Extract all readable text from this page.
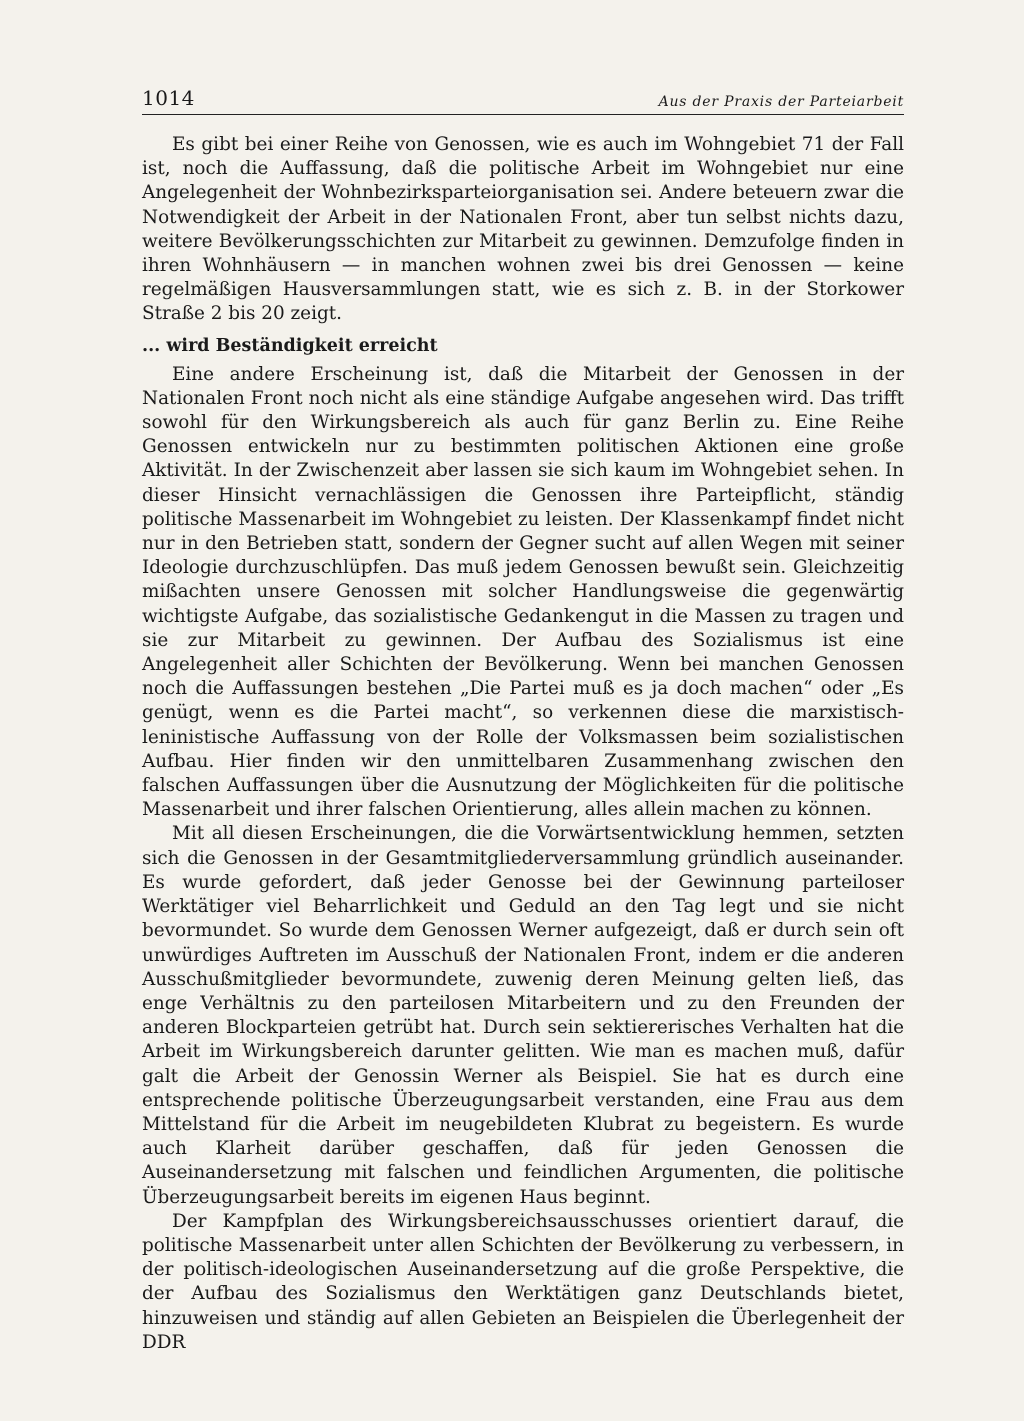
1014	Aus der Praxis der Parteiarbeit

Es gibt bei einer Reihe von Genossen, wie es auch im Wohngebiet 71 der Fall ist, noch die Auffassung, daß die politische Arbeit im Wohngebiet nur eine Angelegenheit der Wohnbezirksparteiorganisation sei. Andere beteuern zwar die Notwendigkeit der Arbeit in der Nationalen Front, aber tun selbst nichts dazu, weitere Bevölkerungsschichten zur Mitarbeit zu gewinnen. Demzufolge finden in ihren Wohnhäusern — in manchen wohnen zwei bis drei Genossen — keine regelmäßigen Hausversammlungen statt, wie es sich z. B. in der Storkower Straße 2 bis 20 zeigt.

... wird Beständigkeit erreicht

Eine andere Erscheinung ist, daß die Mitarbeit der Genossen in der Nationalen Front noch nicht als eine ständige Aufgabe angesehen wird. Das trifft sowohl für den Wirkungsbereich als auch für ganz Berlin zu. Eine Reihe Genossen entwickeln nur zu bestimmten politischen Aktionen eine große Aktivität. In der Zwischenzeit aber lassen sie sich kaum im Wohngebiet sehen. In dieser Hinsicht vernachlässigen die Genossen ihre Parteipflicht, ständig politische Massenarbeit im Wohngebiet zu leisten. Der Klassenkampf findet nicht nur in den Betrieben statt, sondern der Gegner sucht auf allen Wegen mit seiner Ideologie durchzuschlüpfen. Das muß jedem Genossen bewußt sein. Gleichzeitig mißachten unsere Genossen mit solcher Handlungsweise die gegenwärtig wichtigste Aufgabe, das sozialistische Gedankengut in die Massen zu tragen und sie zur Mitarbeit zu gewinnen. Der Aufbau des Sozialismus ist eine Angelegenheit aller Schichten der Bevölkerung. Wenn bei manchen Genossen noch die Auffassungen bestehen „Die Partei muß es ja doch machen“ oder „Es genügt, wenn es die Partei macht“, so verkennen diese die marxistisch-leninistische Auffassung von der Rolle der Volksmassen beim sozialistischen Aufbau. Hier finden wir den unmittelbaren Zusammenhang zwischen den falschen Auffassungen über die Ausnutzung der Möglichkeiten für die politische Massenarbeit und ihrer falschen Orientierung, alles allein machen zu können.

Mit all diesen Erscheinungen, die die Vorwärtsentwicklung hemmen, setzten sich die Genossen in der Gesamtmitgliederversammlung gründlich auseinander. Es wurde gefordert, daß jeder Genosse bei der Gewinnung parteiloser Werktätiger viel Beharrlichkeit und Geduld an den Tag legt und sie nicht bevormundet. So wurde dem Genossen Werner aufgezeigt, daß er durch sein oft unwürdiges Auftreten im Ausschuß der Nationalen Front, indem er die anderen Ausschußmitglieder bevormundete, zuwenig deren Meinung gelten ließ, das enge Verhältnis zu den parteilosen Mitarbeitern und zu den Freunden der anderen Blockparteien getrübt hat. Durch sein sektiererisches Verhalten hat die Arbeit im Wirkungsbereich darunter gelitten. Wie man es machen muß, dafür galt die Arbeit der Genossin Werner als Beispiel. Sie hat es durch eine entsprechende politische Überzeugungsarbeit verstanden, eine Frau aus dem Mittelstand für die Arbeit im neugebildeten Klubrat zu begeistern. Es wurde auch Klarheit darüber geschaffen, daß für jeden Genossen die Auseinandersetzung mit falschen und feindlichen Argumenten, die politische Überzeugungsarbeit bereits im eigenen Haus beginnt.

Der Kampfplan des Wirkungsbereichsausschusses orientiert darauf, die politische Massenarbeit unter allen Schichten der Bevölkerung zu verbessern, in der politisch-ideologischen Auseinandersetzung auf die große Perspektive, die der Aufbau des Sozialismus den Werktätigen ganz Deutschlands bietet, hinzuweisen und ständig auf allen Gebieten an Beispielen die Überlegenheit der DDR
